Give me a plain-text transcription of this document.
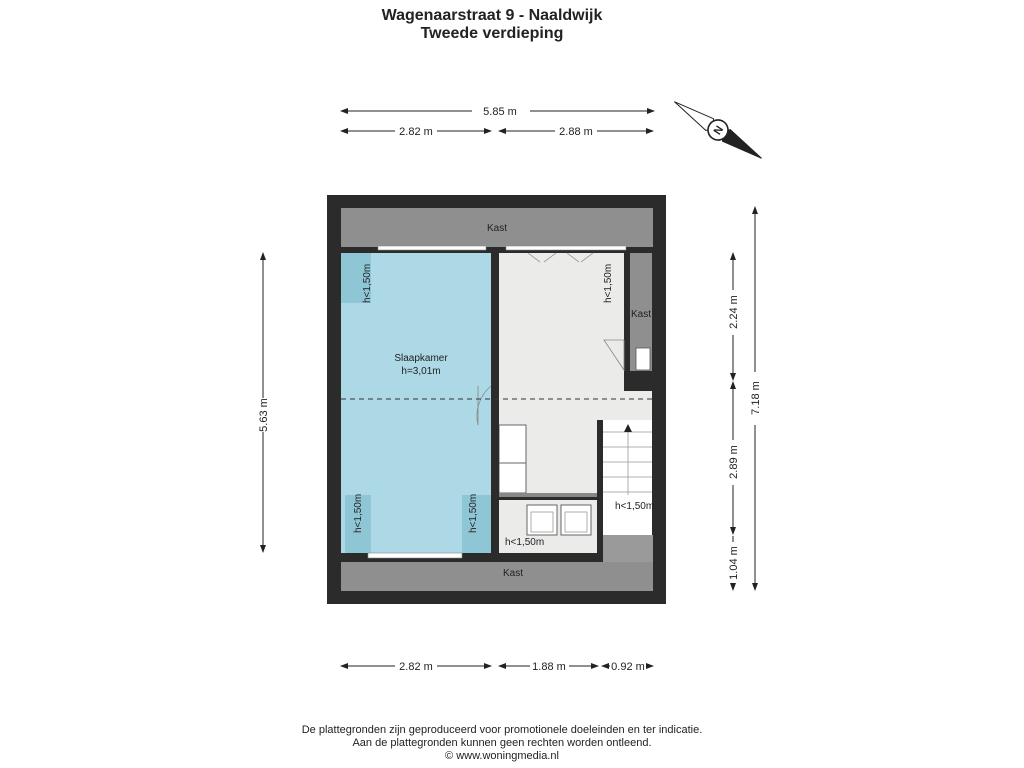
Wagenaarstraat 9 - Naaldwijk
Tweede verdieping
5.85 m
2.82 m	2.88 m	N
Kast
Kast
Slaapkamer
h=3,01m
h<1,50m
h<1,50m	h<1,50m
h<1,50m
Kast
h<1,50m
h<1,50m
5.63 m
2.24 m
2.89 m
1.04 m
7.18 m
2.82 m	1.88 m	0.92 m
De plattegronden zijn geproduceerd voor promotionele doeleinden en ter indicatie.
Aan de plattegronden kunnen geen rechten worden ontleend.
© www.woningmedia.nl
